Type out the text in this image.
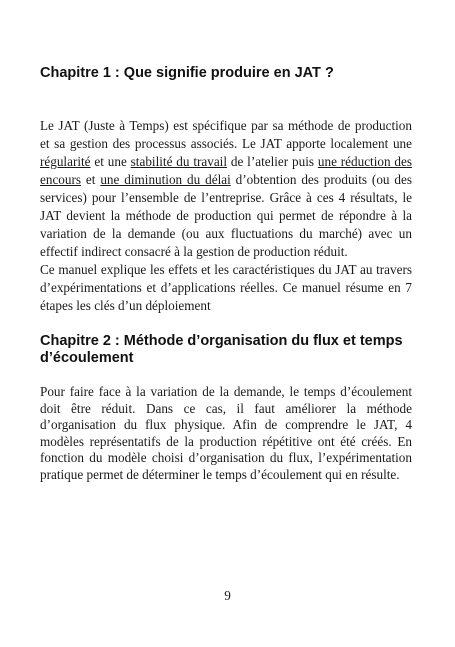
Chapitre 1 : Que signifie produire en JAT ?
Le JAT (Juste à Temps) est spécifique par sa méthode de production
et sa gestion des processus associés. Le JAT apporte localement une
régularité et une stabilité du travail de l’atelier puis une réduction des
encours et une diminution du délai d’obtention des produits (ou des
services) pour l’ensemble de l’entreprise. Grâce à ces 4 résultats, le
JAT devient la méthode de production qui permet de répondre à la
variation de la demande (ou aux fluctuations du marché) avec un
effectif indirect consacré à la gestion de production réduit.
Ce manuel explique les effets et les caractéristiques du JAT au travers
d’expérimentations et d’applications réelles. Ce manuel résume en 7
étapes les clés d’un déploiement
Chapitre 2 : Méthode d’organisation du flux et temps
d’écoulement
Pour faire face à la variation de la demande, le temps d’écoulement
doit être réduit. Dans ce cas, il faut améliorer la méthode
d’organisation du flux physique. Afin de comprendre le JAT, 4
modèles représentatifs de la production répétitive ont été créés. En
fonction du modèle choisi d’organisation du flux, l’expérimentation
pratique permet de déterminer le temps d’écoulement qui en résulte.
9
